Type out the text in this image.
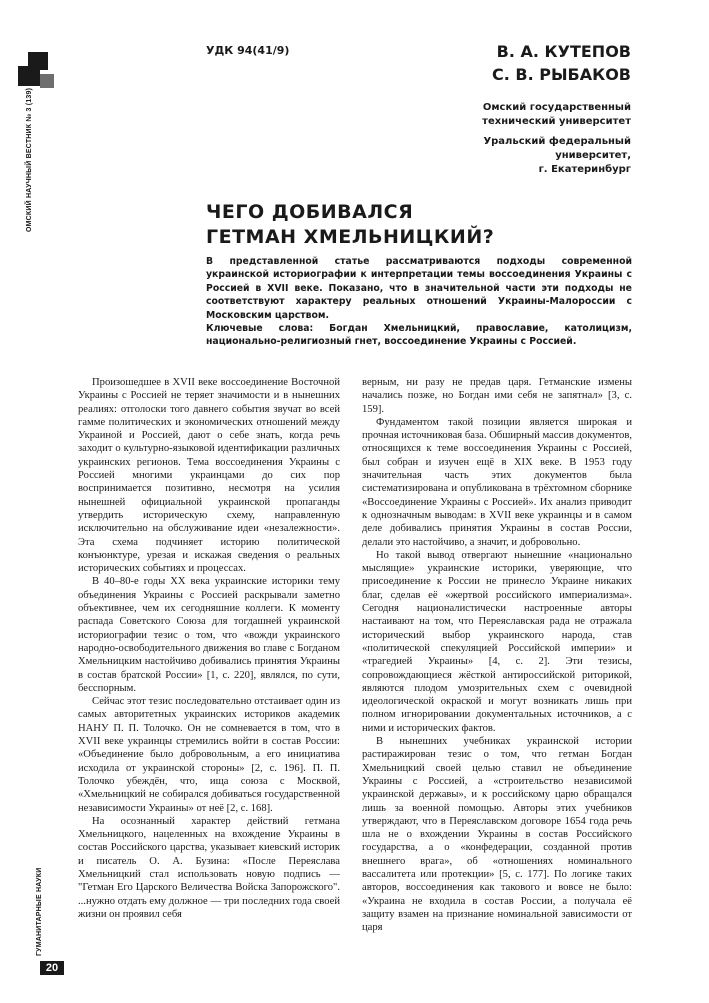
ОМСКИЙ НАУЧНЫЙ ВЕСТНИК № 3 (139) 2015
ГУМАНИТАРНЫЕ НАУКИ
20
УДК 94(41/9)	В. А. КУТЕПОВ
С. В. РЫБАКОВ
Омский государственный
технический университет
Уральский федеральный
университет,
г. Екатеринбург
ЧЕГО ДОБИВАЛСЯ
ГЕТМАН ХМЕЛЬНИЦКИЙ?
В представленной статье рассматриваются подходы современной украинской историографии к интерпретации темы воссоединения Украины с Россией в XVII веке. Показано, что в значительной части эти подходы не соответствуют характеру реальных отношений Украины-Малороссии с Московским царством.
Ключевые слова: Богдан Хмельницкий, православие, католицизм, национально-религиозный гнет, воссоединение Украины с Россией.

Произошедшее в XVII веке воссоединение Восточной Украины с Россией не теряет значимости и в нынешних реалиях: отголоски того давнего события звучат во всей гамме политических и экономических отношений между Украиной и Россией, дают о себе знать, когда речь заходит о культурно-языковой идентификации различных украинских регионов. Тема воссоединения Украины с Россией многими украинцами до сих пор воспринимается позитивно, несмотря на усилия нынешней официальной украинской пропаганды утвердить историческую схему, направленную исключительно на обслуживание идеи «незалежности». Эта схема подчиняет историю политической конъюнктуре, урезая и искажая сведения о реальных исторических событиях и процессах.

В 40–80-е годы XX века украинские историки тему объединения Украины с Россией раскрывали заметно объективнее, чем их сегодняшние коллеги. К моменту распада Советского Союза для тогдашней украинской историографии тезис о том, что «вожди украинского народно-освободительного движения во главе с Богданом Хмельницким настойчиво добивались принятия Украины в состав братской России» [1, с. 220], являлся, по сути, бесспорным.

Сейчас этот тезис последовательно отстаивает один из самых авторитетных украинских историков академик НАНУ П. П. Толочко. Он не сомневается в том, что в XVII веке украинцы стремились войти в состав России: «Объединение было добровольным, а его инициатива исходила от украинской стороны» [2, с. 196]. П. П. Толочко убеждён, что, ища союза с Москвой, «Хмельницкий не собирался добиваться государственной независимости Украины» от неё [2, с. 168].

На осознанный характер действий гетмана Хмельницкого, нацеленных на вхождение Украины в состав Российского царства, указывает киевский историк и писатель О. А. Бузина: «После Переяслава Хмельницкий стал использовать новую подпись — "Гетман Его Царского Величества Войска Запорожского". ...нужно отдать ему должное — три последних года своей жизни он проявил себя

верным, ни разу не предав царя. Гетманские измены начались позже, но Богдан ими себя не запятнал» [3, с. 159].

Фундаментом такой позиции является широкая и прочная источниковая база. Обширный массив документов, относящихся к теме воссоединения Украины с Россией, был собран и изучен ещё в XIX веке. В 1953 году значительная часть этих документов была систематизирована и опубликована в трёхтомном сборнике «Воссоединение Украины с Россией». Их анализ приводит к однозначным выводам: в XVII веке украинцы и в самом деле добивались принятия Украины в состав России, делали это настойчиво, а значит, и добровольно.

Но такой вывод отвергают нынешние «национально мыслящие» украинские историки, уверяющие, что присоединение к России не принесло Украине никаких благ, сделав её «жертвой российского империализма». Сегодня националистически настроенные авторы настаивают на том, что Переяславская рада не отражала исторический выбор украинского народа, став «политической спекуляцией Российской империи» и «трагедией Украины» [4, с. 2]. Эти тезисы, сопровождающиеся жёсткой антироссийской риторикой, являются плодом умозрительных схем с очевидной идеологической окраской и могут возникать лишь при полном игнорировании документальных источников, а с ними и исторических фактов.

В нынешних учебниках украинской истории растиражирован тезис о том, что гетман Богдан Хмельницкий своей целью ставил не объединение Украины с Россией, а «строительство независимой украинской державы», и к российскому царю обращался лишь за военной помощью. Авторы этих учебников утверждают, что в Переяславском договоре 1654 года речь шла не о вхождении Украины в состав Российского государства, а о «конфедерации, созданной против внешнего врага», об «отношениях номинального вассалитета или протекции» [5, с. 177]. По логике таких авторов, воссоединения как такового и вовсе не было: «Украина не входила в состав России, а получала её защиту взамен на признание номинальной зависимости от царя
